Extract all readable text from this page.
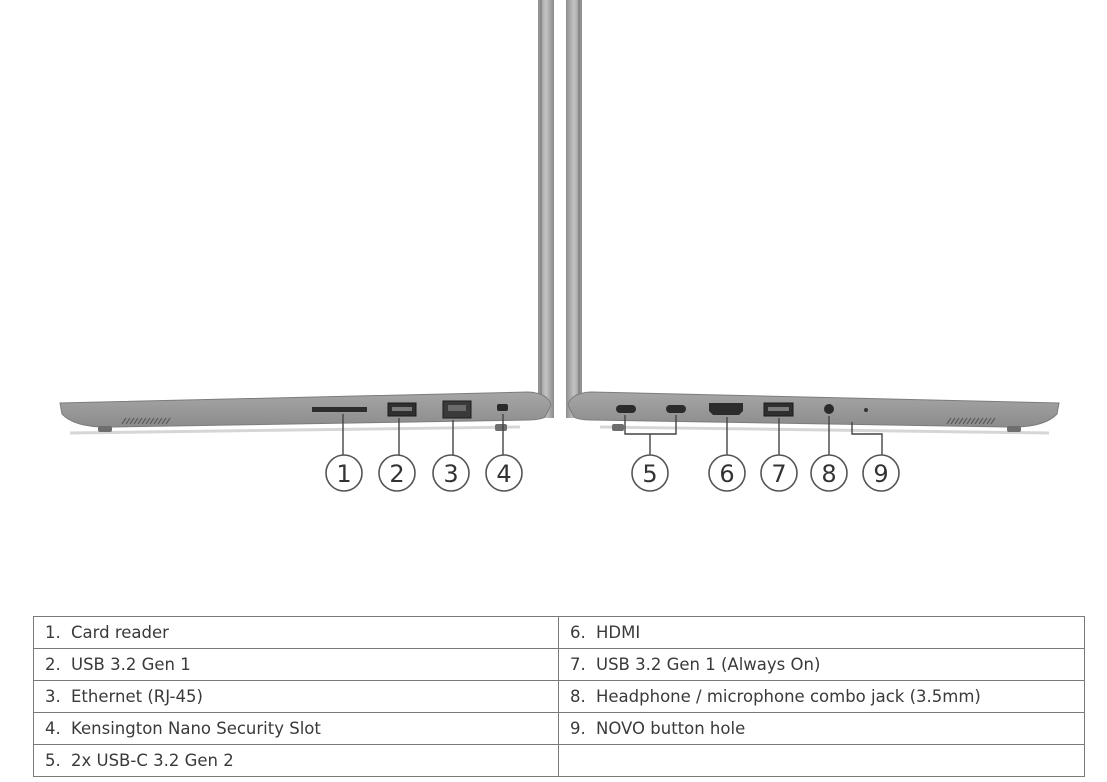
1 2 3 4	5	6 7 8 9
1. Card reader	6. HDMI
2. USB 3.2 Gen 1	7. USB 3.2 Gen 1 (Always On)
3. Ethernet (RJ-45)	8. Headphone / microphone combo jack (3.5mm)
4. Kensington Nano Security Slot	9. NOVO button hole
5. 2x USB-C 3.2 Gen 2	
